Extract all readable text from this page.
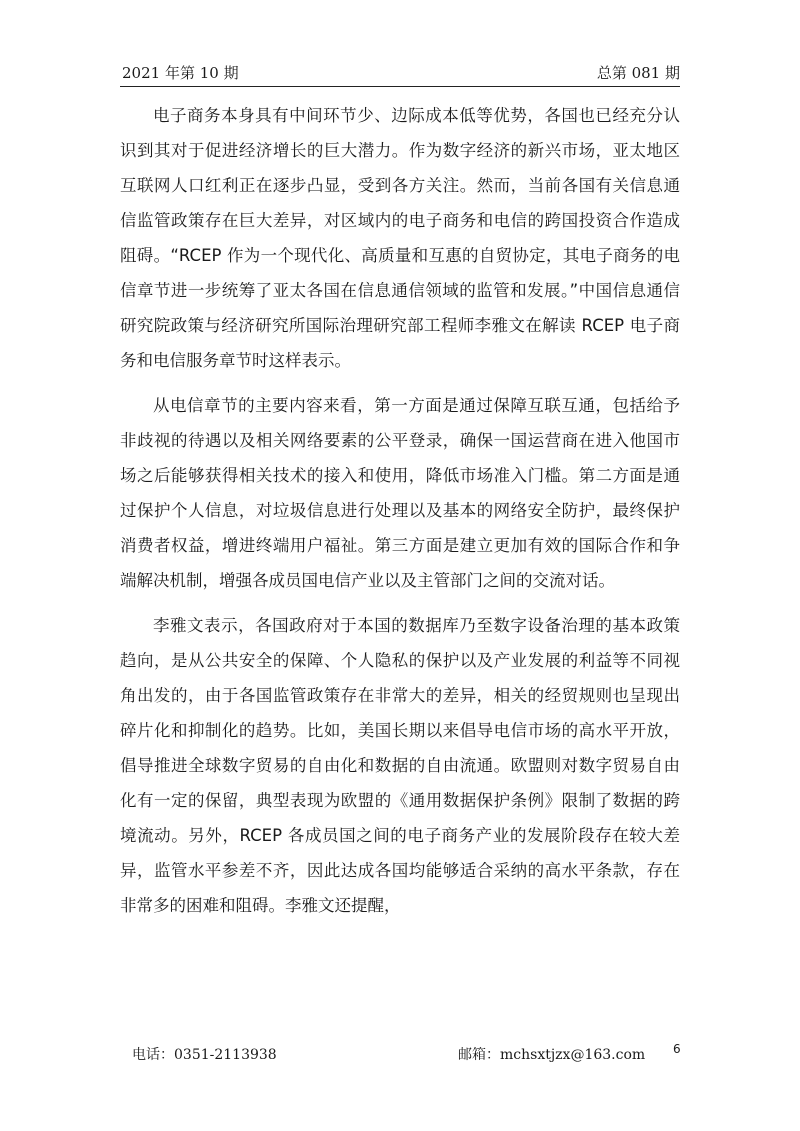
2021 年第 10 期	总第 081 期

电子商务本身具有中间环节少、边际成本低等优势，各国也已经充分认识到其对于促进经济增长的巨大潜力。作为数字经济的新兴市场，亚太地区互联网人口红利正在逐步凸显，受到各方关注。然而，当前各国有关信息通信监管政策存在巨大差异，对区域内的电子商务和电信的跨国投资合作造成阻碍。“RCEP 作为一个现代化、高质量和互惠的自贸协定，其电子商务的电信章节进一步统筹了亚太各国在信息通信领域的监管和发展。”中国信息通信研究院政策与经济研究所国际治理研究部工程师李雅文在解读 RCEP 电子商务和电信服务章节时这样表示。

从电信章节的主要内容来看，第一方面是通过保障互联互通，包括给予非歧视的待遇以及相关网络要素的公平登录，确保一国运营商在进入他国市场之后能够获得相关技术的接入和使用，降低市场准入门槛。第二方面是通过保护个人信息，对垃圾信息进行处理以及基本的网络安全防护，最终保护消费者权益，增进终端用户福祉。第三方面是建立更加有效的国际合作和争端解决机制，增强各成员国电信产业以及主管部门之间的交流对话。

李雅文表示，各国政府对于本国的数据库乃至数字设备治理的基本政策趋向，是从公共安全的保障、个人隐私的保护以及产业发展的利益等不同视角出发的，由于各国监管政策存在非常大的差异，相关的经贸规则也呈现出碎片化和抑制化的趋势。比如，美国长期以来倡导电信市场的高水平开放，倡导推进全球数字贸易的自由化和数据的自由流通。欧盟则对数字贸易自由化有一定的保留，典型表现为欧盟的《通用数据保护条例》限制了数据的跨境流动。另外，RCEP 各成员国之间的电子商务产业的发展阶段存在较大差异，监管水平参差不齐，因此达成各国均能够适合采纳的高水平条款，存在非常多的困难和阻碍。李雅文还提醒，

电话：0351-2113938	邮箱：mchsxtjzx@163.com 6
